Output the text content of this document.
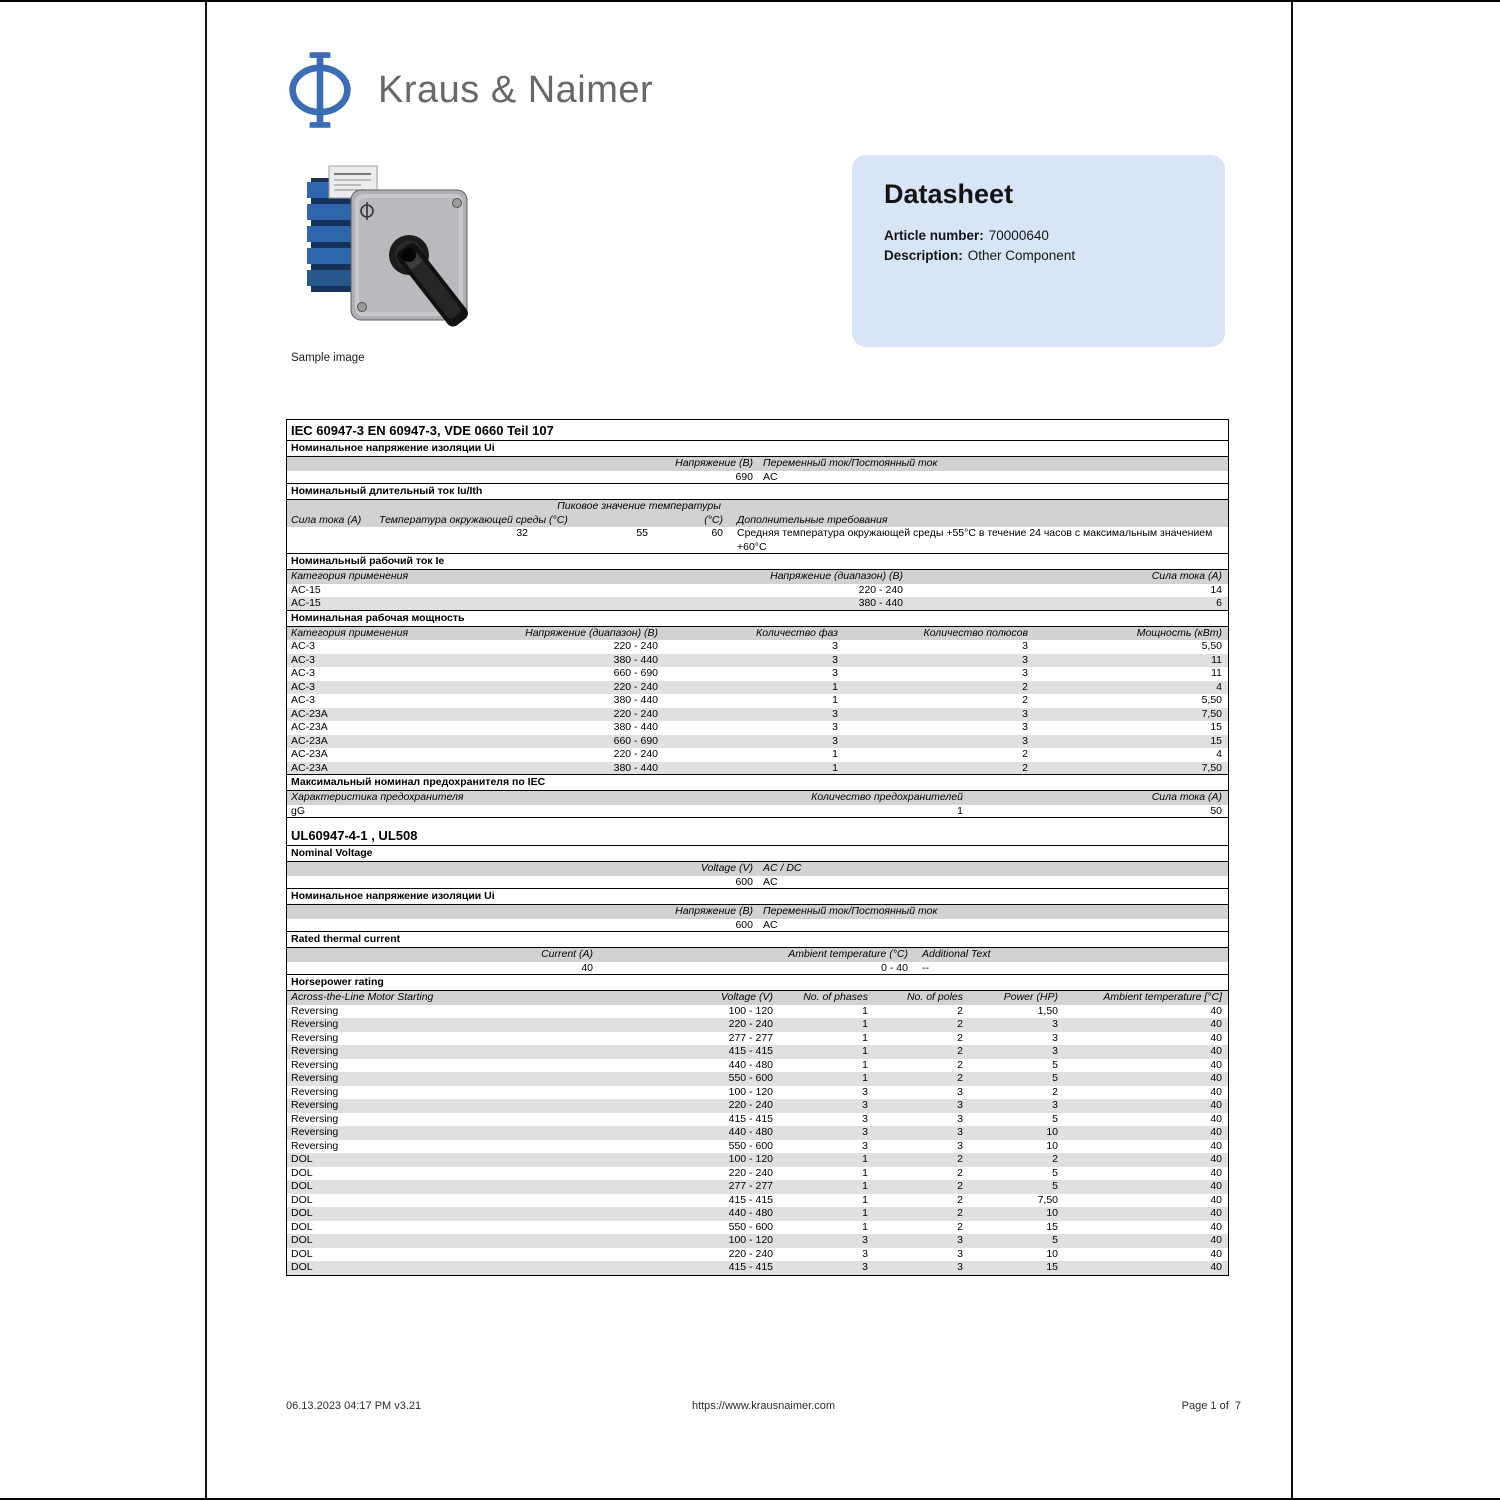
Kraus & Naimer
Sample image
Datasheet
Article number: 70000640
Description: Other Component
IEC 60947-3 EN 60947-3, VDE 0660 Teil 107
Номинальное напряжение изоляции Ui
Напряжение (В) Переменный ток/Постоянный ток
690 AC
Номинальный длительный ток Iu/Ith
Пиковое значение температуры
Сила тока (А)	Температура окружающей среды (°C)	(°C)	Дополнительные требования
32	55	60	Средняя температура окружающей среды +55°C в течение 24 часов с максимальным значением +60°C
Номинальный рабочий ток Ie
Категория применения	Напряжение (диапазон) (В)	Сила тока (А)
AC-15	220 - 240	14
AC-15	380 - 440	6
Номинальная рабочая мощность
Категория применения	Напряжение (диапазон) (В)	Количество фаз	Количество полюсов	Мощность (кВт)
AC-3	220 - 240	3	3	5,50
AC-3	380 - 440	3	3	11
AC-3	660 - 690	3	3	11
AC-3	220 - 240	1	2	4
AC-3	380 - 440	1	2	5,50
AC-23A	220 - 240	3	3	7,50
AC-23A	380 - 440	3	3	15
AC-23A	660 - 690	3	3	15
AC-23A	220 - 240	1	2	4
AC-23A	380 - 440	1	2	7,50
Максимальный номинал предохранителя по IEC
Характеристика предохранителя	Количество предохранителей	Сила тока (А)
gG	1	50
UL60947-4-1 , UL508
Nominal Voltage
Voltage (V) AC / DC
600 AC
Номинальное напряжение изоляции Ui
Напряжение (В) Переменный ток/Постоянный ток
600 AC
Rated thermal current
Current (A)	Ambient temperature (°C)	Additional Text
40	0 - 40	--
Horsepower rating
Across-the-Line Motor Starting	Voltage (V)	No. of phases	No. of poles	Power (HP)	Ambient temperature [°C]
Reversing	100 - 120	1	2	1,50	40
Reversing	220 - 240	1	2	3	40
Reversing	277 - 277	1	2	3	40
Reversing	415 - 415	1	2	3	40
Reversing	440 - 480	1	2	5	40
Reversing	550 - 600	1	2	5	40
Reversing	100 - 120	3	3	2	40
Reversing	220 - 240	3	3	3	40
Reversing	415 - 415	3	3	5	40
Reversing	440 - 480	3	3	10	40
Reversing	550 - 600	3	3	10	40
DOL	100 - 120	1	2	2	40
DOL	220 - 240	1	2	5	40
DOL	277 - 277	1	2	5	40
DOL	415 - 415	1	2	7,50	40
DOL	440 - 480	1	2	10	40
DOL	550 - 600	1	2	15	40
DOL	100 - 120	3	3	5	40
DOL	220 - 240	3	3	10	40
DOL	415 - 415	3	3	15	40
06.13.2023 04:17 PM v3.21	https://www.krausnaimer.com	Page 1 of  7
